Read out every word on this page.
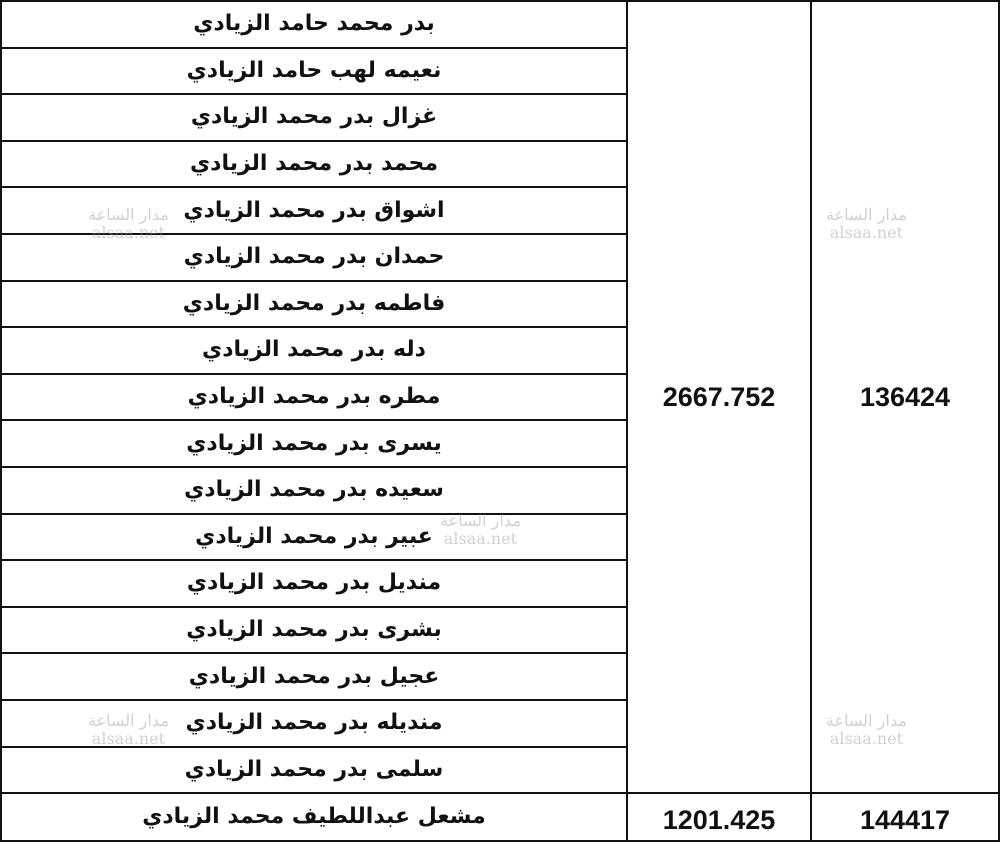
بدر محمد حامد الزيادي	2667.752	136424
نعيمه لهب حامد الزيادي		
غزال بدر محمد الزيادي		
محمد بدر محمد الزيادي		
اشواق بدر محمد الزيادي		
حمدان بدر محمد الزيادي		
فاطمه بدر محمد الزيادي		
دله بدر محمد الزيادي		
مطره بدر محمد الزيادي		
يسرى بدر محمد الزيادي		
سعيده بدر محمد الزيادي		
عبير بدر محمد الزيادي		
منديل بدر محمد الزيادي		
بشرى بدر محمد الزيادي		
عجيل بدر محمد الزيادي		
منديله بدر محمد الزيادي		
سلمى بدر محمد الزيادي		
مشعل عبداللطيف محمد الزيادي	1201.425	144417
مدار الساعة
alsaa.net
مدار الساعة
alsaa.net
مدار الساعة
alsaa.net
مدار الساعة
alsaa.net
مدار الساعة
alsaa.net
